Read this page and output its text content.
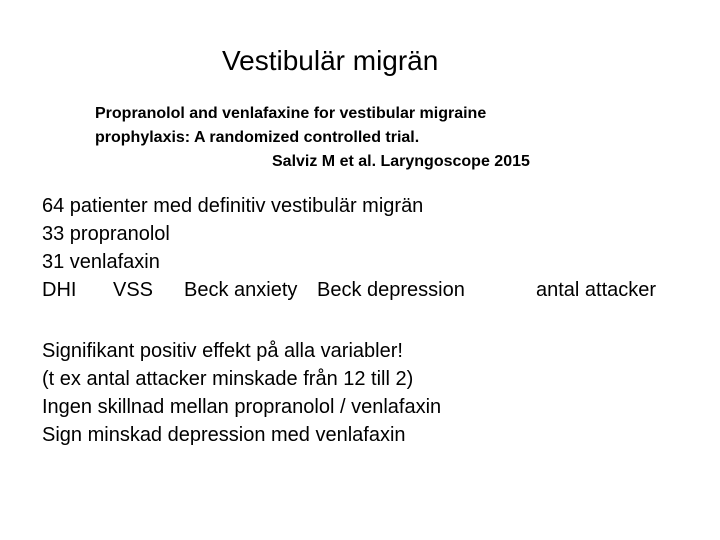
Vestibulär migrän
Propranolol and venlafaxine for vestibular migraine
prophylaxis: A randomized controlled trial.
Salviz M et al. Laryngoscope 2015
64 patienter med definitiv vestibulär migrän
33 propranolol
31 venlafaxin
DHI VSS Beck anxiety Beck depression	antal attacker
Signifikant positiv effekt på alla variabler!
(t ex antal attacker minskade från 12 till 2)
Ingen skillnad mellan propranolol / venlafaxin
Sign minskad depression med venlafaxin
